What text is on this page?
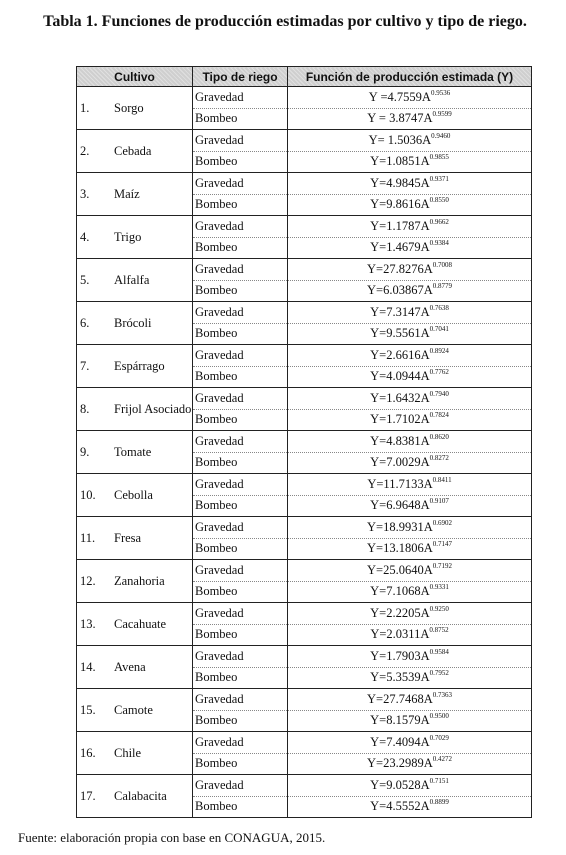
Tabla 1. Funciones de producción estimadas por cultivo y tipo de riego.
Cultivo	Tipo de riego	Función de producción estimada (Y)
1. Sorgo	Gravedad	$Y =4.7559A^{0.9536}$
	Bombeo	$Y = 3.8747A^{0.9599}$
2. Cebada	Gravedad	$Y= 1.5036A^{0.9460}$
	Bombeo	$Y=1.0851A^{0.9855}$
3. Maíz	Gravedad	$Y=4.9845A^{0.9371}$
	Bombeo	$Y=9.8616A^{0.8550}$
4. Trigo	Gravedad	$Y=1.1787A^{0.9662}$
	Bombeo	$Y=1.4679A^{0.9384}$
5. Alfalfa	Gravedad	$Y=27.8276A^{0.7008}$
	Bombeo	$Y=6.03867A^{0.8779}$
6. Brócoli	Gravedad	$Y=7.3147A^{0.7638}$
	Bombeo	$Y=9.5561A^{0.7041}$
7. Espárrago	Gravedad	$Y=2.6616A^{0.8924}$
	Bombeo	$Y=4.0944A^{0.7762}$
8. Frijol Asociado	Gravedad	$Y=1.6432A^{0.7940}$
	Bombeo	$Y=1.7102A^{0.7824}$
9. Tomate	Gravedad	$Y=4.8381A^{0.8620}$
	Bombeo	$Y=7.0029A^{0.8272}$
10. Cebolla	Gravedad	$Y=11.7133A^{0.8411}$
	Bombeo	$Y=6.9648A^{0.9107}$
11. Fresa	Gravedad	$Y=18.9931A^{0.6902}$
	Bombeo	$Y=13.1806A^{0.7147}$
12. Zanahoria	Gravedad	$Y=25.0640A^{0.7192}$
	Bombeo	$Y=7.1068A^{0.9331}$
13. Cacahuate	Gravedad	$Y=2.2205A^{0.9250}$
	Bombeo	$Y=2.0311A^{0.8752}$
14. Avena	Gravedad	$Y=1.7903A^{0.9584}$
	Bombeo	$Y=5.3539A^{0.7952}$
15. Camote	Gravedad	$Y=27.7468A^{0.7363}$
	Bombeo	$Y=8.1579A^{0.9500}$
16. Chile	Gravedad	$Y=7.4094A^{0.7029}$
	Bombeo	$Y=23.2989A^{0.4272}$
17. Calabacita	Gravedad	$Y=9.0528A^{0.7151}$
	Bombeo	$Y=4.5552A^{0.8899}$
Fuente: elaboración propia con base en CONAGUA, 2015.
